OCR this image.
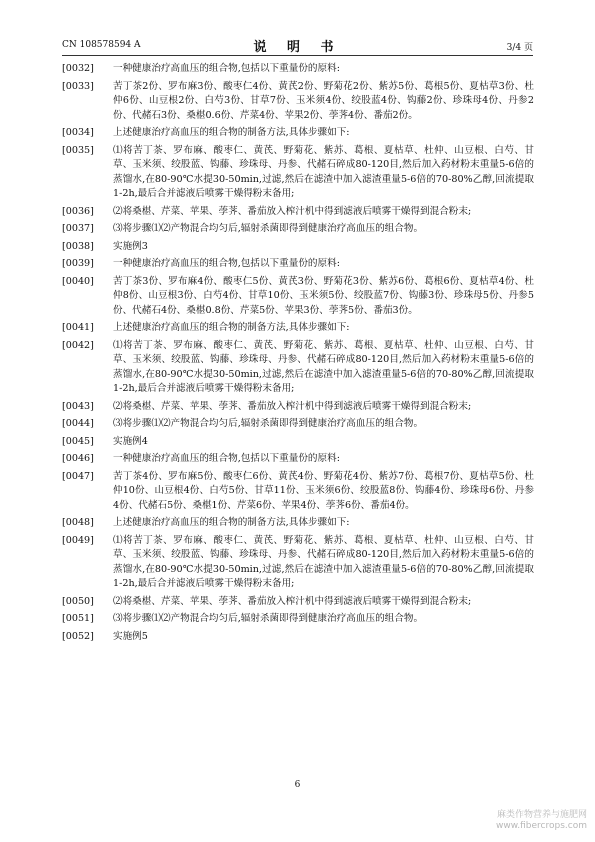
CN 108578594 A	说 明 书	3/4 页
[0032] 一种健康治疗高血压的组合物,包括以下重量份的原料:
[0033] 苦丁茶2份、罗布麻3份、酸枣仁4份、黄芪2份、野菊花2份、紫苏5份、葛根5份、夏枯草3份、杜仲6份、山豆根2份、白芍3份、甘草7份、玉米须4份、绞股蓝4份、钩藤2份、珍珠母4份、丹参2份、代赭石3份、桑椹0.6份、芹菜4份、苹果2份、荸荠4份、番茄2份。
[0034] 上述健康治疗高血压的组合物的制备方法,具体步骤如下:
[0035] ⑴将苦丁茶、罗布麻、酸枣仁、黄芪、野菊花、紫苏、葛根、夏枯草、杜仲、山豆根、白芍、甘草、玉米须、绞股蓝、钩藤、珍珠母、丹参、代赭石碎成80-120目,然后加入药材粉末重量5-6倍的蒸馏水,在80-90℃水提30-50min,过滤,然后在滤渣中加入滤渣重量5-6倍的70-80%乙醇,回流提取1-2h,最后合并滤液后喷雾干燥得粉末备用;
[0036] ⑵将桑椹、芹菜、苹果、荸荠、番茄放入榨汁机中得到滤液后喷雾干燥得到混合粉末;
[0037] ⑶将步骤⑴⑵产物混合均匀后,辐射杀菌即得到健康治疗高血压的组合物。
[0038] 实施例3
[0039] 一种健康治疗高血压的组合物,包括以下重量份的原料:
[0040] 苦丁茶3份、罗布麻4份、酸枣仁5份、黄芪3份、野菊花3份、紫苏6份、葛根6份、夏枯草4份、杜仲8份、山豆根3份、白芍4份、甘草10份、玉米须5份、绞股蓝7份、钩藤3份、珍珠母5份、丹参5份、代赭石4份、桑椹0.8份、芹菜5份、苹果3份、荸荠5份、番茄3份。
[0041] 上述健康治疗高血压的组合物的制备方法,具体步骤如下:
[0042] ⑴将苦丁茶、罗布麻、酸枣仁、黄芪、野菊花、紫苏、葛根、夏枯草、杜仲、山豆根、白芍、甘草、玉米须、绞股蓝、钩藤、珍珠母、丹参、代赭石碎成80-120目,然后加入药材粉末重量5-6倍的蒸馏水,在80-90℃水提30-50min,过滤,然后在滤渣中加入滤渣重量5-6倍的70-80%乙醇,回流提取1-2h,最后合并滤液后喷雾干燥得粉末备用;
[0043] ⑵将桑椹、芹菜、苹果、荸荠、番茄放入榨汁机中得到滤液后喷雾干燥得到混合粉末;
[0044] ⑶将步骤⑴⑵产物混合均匀后,辐射杀菌即得到健康治疗高血压的组合物。
[0045] 实施例4
[0046] 一种健康治疗高血压的组合物,包括以下重量份的原料:
[0047] 苦丁茶4份、罗布麻5份、酸枣仁6份、黄芪4份、野菊花4份、紫苏7份、葛根7份、夏枯草5份、杜仲10份、山豆根4份、白芍5份、甘草11份、玉米须6份、绞股蓝8份、钩藤4份、珍珠母6份、丹参4份、代赭石5份、桑椹1份、芹菜6份、苹果4份、荸荠6份、番茄4份。
[0048] 上述健康治疗高血压的组合物的制备方法,具体步骤如下:
[0049] ⑴将苦丁茶、罗布麻、酸枣仁、黄芪、野菊花、紫苏、葛根、夏枯草、杜仲、山豆根、白芍、甘草、玉米须、绞股蓝、钩藤、珍珠母、丹参、代赭石碎成80-120目,然后加入药材粉末重量5-6倍的蒸馏水,在80-90℃水提30-50min,过滤,然后在滤渣中加入滤渣重量5-6倍的70-80%乙醇,回流提取1-2h,最后合并滤液后喷雾干燥得粉末备用;
[0050] ⑵将桑椹、芹菜、苹果、荸荠、番茄放入榨汁机中得到滤液后喷雾干燥得到混合粉末;
[0051] ⑶将步骤⑴⑵产物混合均匀后,辐射杀菌即得到健康治疗高血压的组合物。
[0052] 实施例5
6
麻类作物营养与施肥网
www.fibercrops.com
